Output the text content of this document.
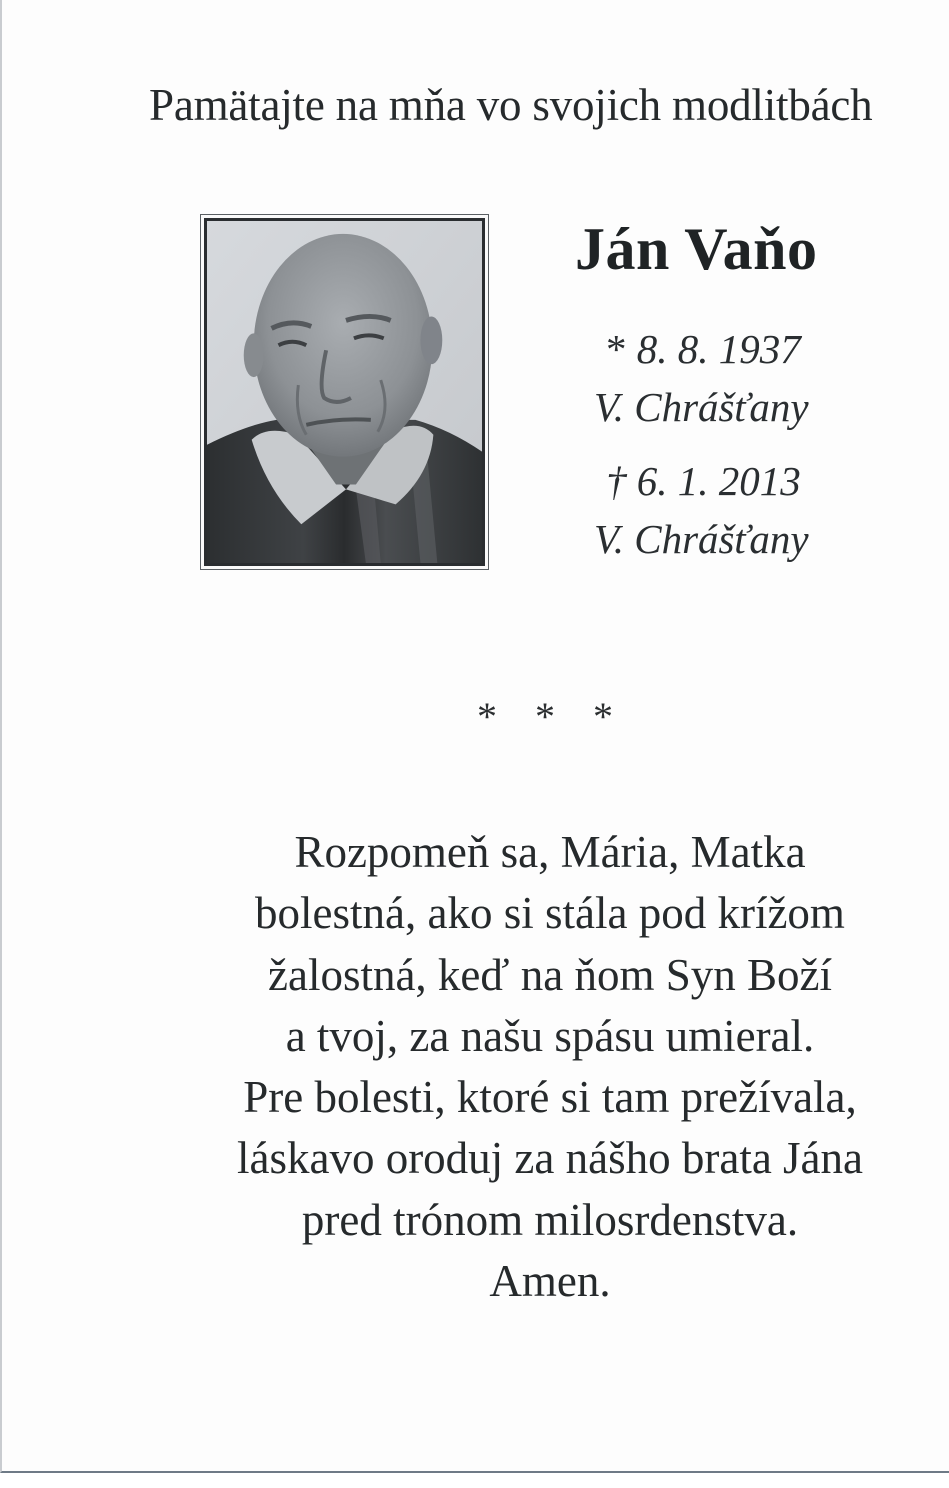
Pamätajte na mňa vo svojich modlitbách
Ján Vaňo
* 8. 8. 1937
V. Chrášťany
† 6. 1. 2013
V. Chrášťany
* * *
Rozpomeň sa, Mária, Matka
bolestná, ako si stála pod krížom
žalostná, keď na ňom Syn Boží
a tvoj, za našu spásu umieral.
Pre bolesti, ktoré si tam prežívala,
láskavo oroduj za nášho brata Jána
pred trónom milosrdenstva.
Amen.
